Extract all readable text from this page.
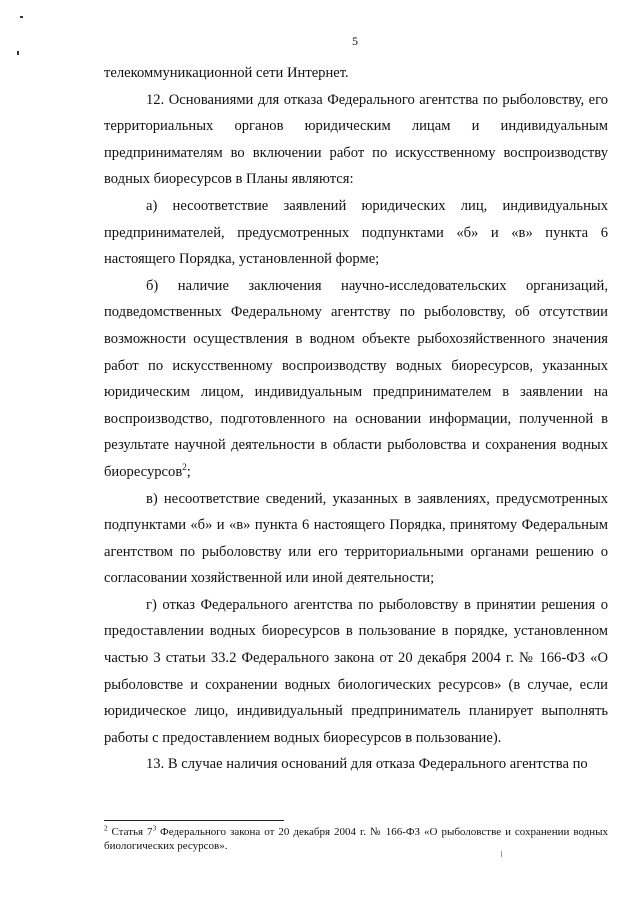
5

телекоммуникационной сети Интернет.

12. Основаниями для отказа Федерального агентства по рыболовству, его территориальных органов юридическим лицам и индивидуальным предпринимателям во включении работ по искусственному воспроизводству водных биоресурсов в Планы являются:

а) несоответствие заявлений юридических лиц, индивидуальных предпринимателей, предусмотренных подпунктами «б» и «в» пункта 6 настоящего Порядка, установленной форме;

б) наличие заключения научно-исследовательских организаций, подведомственных Федеральному агентству по рыболовству, об отсутствии возможности осуществления в водном объекте рыбохозяйственного значения работ по искусственному воспроизводству водных биоресурсов, указанных юридическим лицом, индивидуальным предпринимателем в заявлении на воспроизводство, подготовленного на основании информации, полученной в результате научной деятельности в области рыболовства и сохранения водных биоресурсов$^2$;

в) несоответствие сведений, указанных в заявлениях, предусмотренных подпунктами «б» и «в» пункта 6 настоящего Порядка, принятому Федеральным агентством по рыболовству или его территориальными органами решению о согласовании хозяйственной или иной деятельности;

г) отказ Федерального агентства по рыболовству в принятии решения о предоставлении водных биоресурсов в пользование в порядке, установленном частью 3 статьи 33.2 Федерального закона от 20 декабря 2004 г. № 166-ФЗ «О рыболовстве и сохранении водных биологических ресурсов» (в случае, если юридическое лицо, индивидуальный предприниматель планирует выполнять работы с предоставлением водных биоресурсов в пользование).

13. В случае наличия оснований для отказа Федерального агентства по

$^2$ Статья 7$^3$ Федерального закона от 20 декабря 2004 г. № 166-ФЗ «О рыболовстве и сохранении водных биологических ресурсов».
